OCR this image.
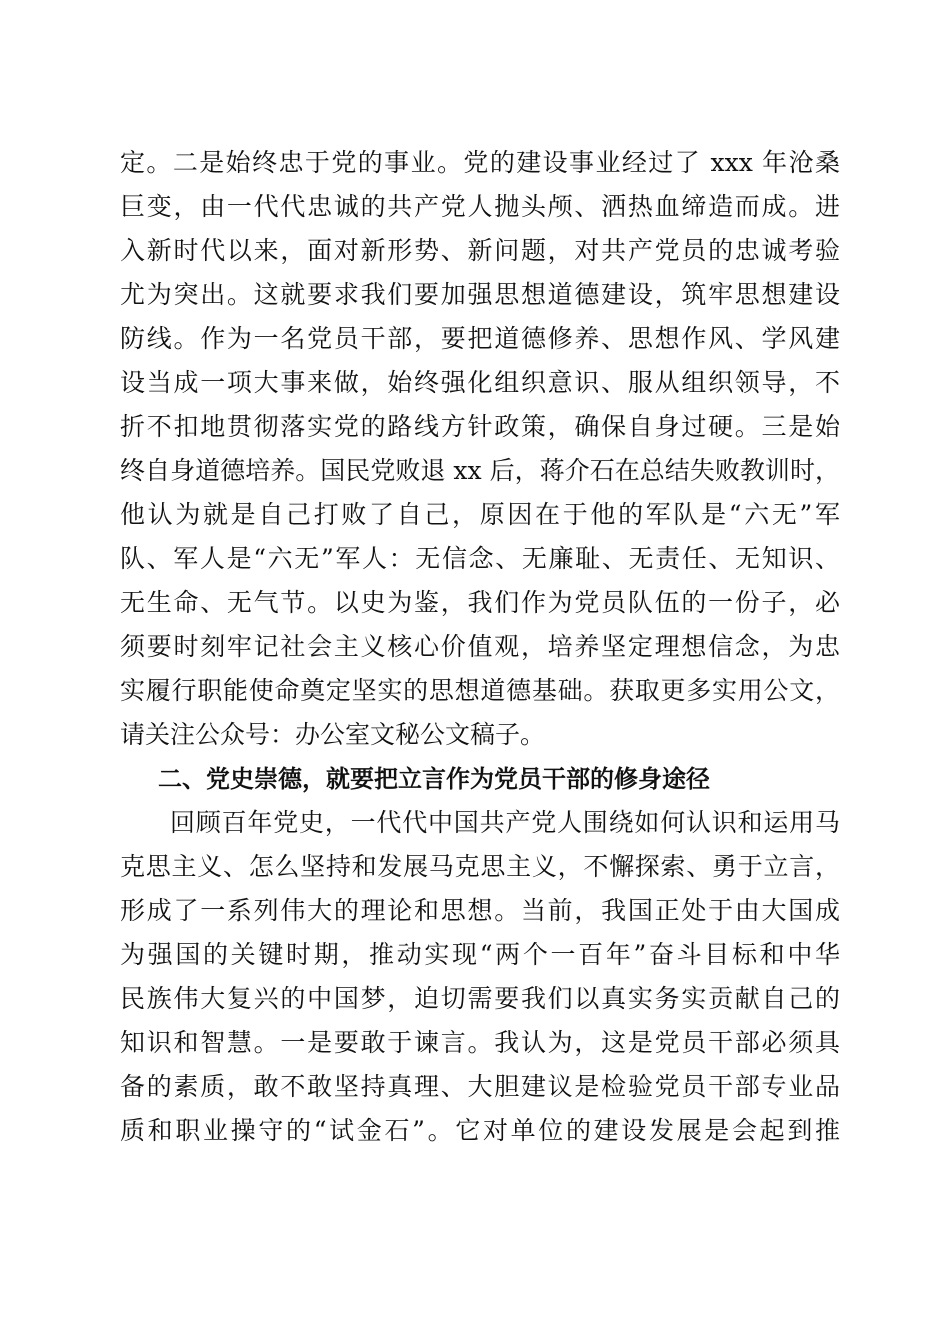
定。二是始终忠于党的事业。党的建设事业经过了 xxx 年沧桑
巨变，由一代代忠诚的共产党人抛头颅、洒热血缔造而成。进
入新时代以来，面对新形势、新问题，对共产党员的忠诚考验
尤为突出。这就要求我们要加强思想道德建设，筑牢思想建设
防线。作为一名党员干部，要把道德修养、思想作风、学风建
设当成一项大事来做，始终强化组织意识、服从组织领导，不
折不扣地贯彻落实党的路线方针政策，确保自身过硬。三是始
终自身道德培养。国民党败退 xx 后，蒋介石在总结失败教训时，
他认为就是自己打败了自己，原因在于他的军队是“六无”军
队、军人是“六无”军人：无信念、无廉耻、无责任、无知识、
无生命、无气节。以史为鉴，我们作为党员队伍的一份子，必
须要时刻牢记社会主义核心价值观，培养坚定理想信念，为忠
实履行职能使命奠定坚实的思想道德基础。获取更多实用公文，
请关注公众号：办公室文秘公文稿子。
二、党史崇德，就要把立言作为党员干部的修身途径
回顾百年党史，一代代中国共产党人围绕如何认识和运用马
克思主义、怎么坚持和发展马克思主义，不懈探索、勇于立言，
形成了一系列伟大的理论和思想。当前，我国正处于由大国成
为强国的关键时期，推动实现“两个一百年”奋斗目标和中华
民族伟大复兴的中国梦，迫切需要我们以真实务实贡献自己的
知识和智慧。一是要敢于谏言。我认为，这是党员干部必须具
备的素质，敢不敢坚持真理、大胆建议是检验党员干部专业品
质和职业操守的“试金石”。它对单位的建设发展是会起到推
